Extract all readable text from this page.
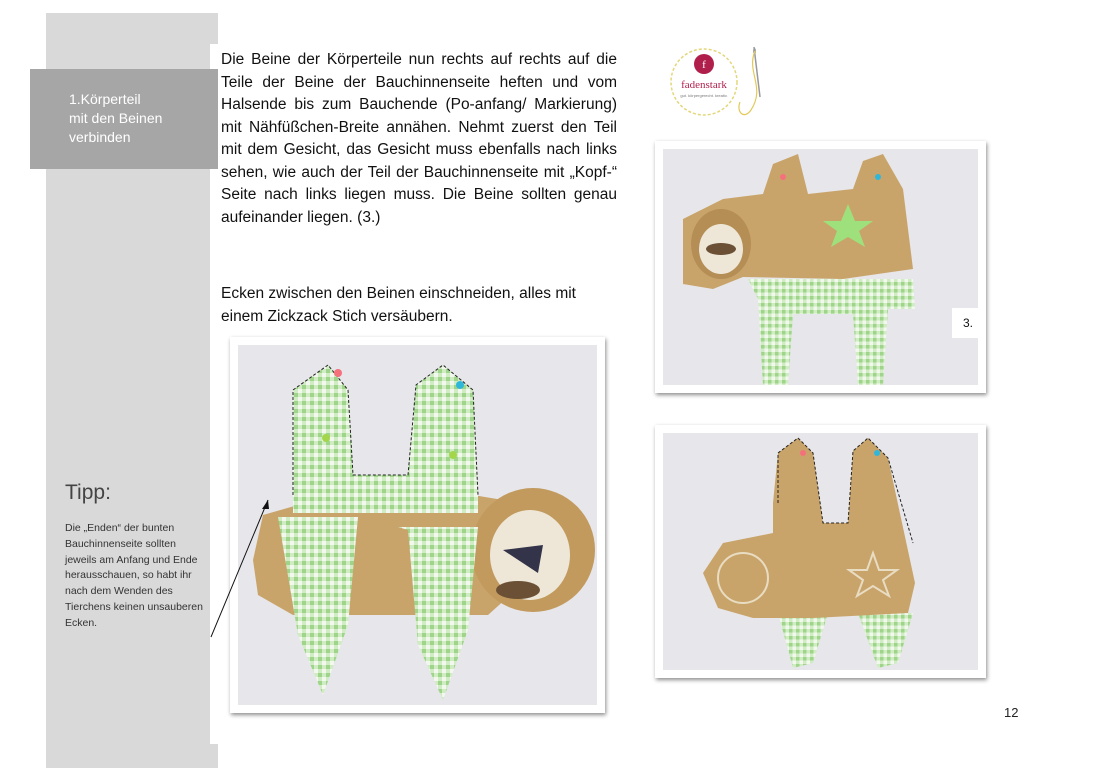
1.Körperteil
mit den Beinen
verbinden
Tipp:
Die „Enden“ der bunten Bauchinnenseite sollten jeweils am Anfang und Ende herausschauen, so habt ihr nach dem Wenden des Tierchens keinen unsauberen Ecken.
Die Beine der Körperteile nun rechts auf rechts auf die Teile der Beine der Bauchinnenseite heften und vom Halsende bis zum Bauchende (Po-anfang/ Markierung) mit Nähfüßchen-Breite annähen. Nehmt zuerst den Teil mit dem Gesicht, das Gesicht muss ebenfalls nach links sehen, wie auch der Teil der Bauchinnenseite mit „Kopf-“ Seite nach links liegen muss. Die Beine sollten genau aufeinander liegen. (3.)
Ecken zwischen den Beinen einschneiden, alles mit einem Zickzack Stich versäubern.
f
fadenstark
gut. körpergerecht. kreativ.
3.
12
